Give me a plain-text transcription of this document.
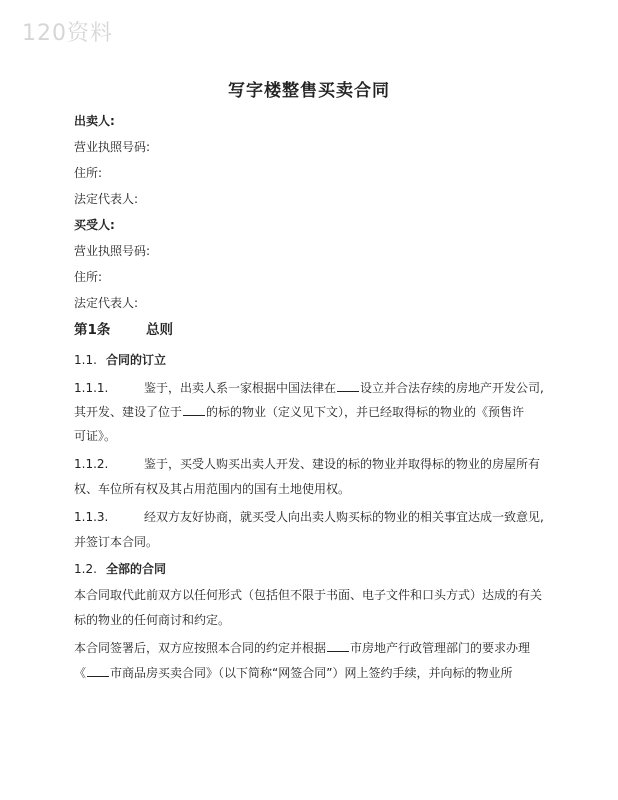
120资料
写字楼整售买卖合同
出卖人:
营业执照号码:
住所:
法定代表人:
买受人:
营业执照号码:
住所:
法定代表人:
第1条	总则
1.1. 合同的订立
1.1.1.	鉴于，出卖人系一家根据中国法律在 设立并合法存续的房地产开发公司,
其开发、建设了位于 的标的物业（定义见下文），并已经取得标的物业的《预售许
可证》。
1.1.2.	鉴于，买受人购买出卖人开发、建设的标的物业并取得标的物业的房屋所有
权、车位所有权及其占用范围内的国有土地使用权。
1.1.3.	经双方友好协商，就买受人向出卖人购买标的物业的相关事宜达成一致意见,
并签订本合同。
1.2. 全部的合同
本合同取代此前双方以任何形式（包括但不限于书面、电子文件和口头方式）达成的有关
标的物业的任何商讨和约定。
本合同签署后，双方应按照本合同的约定并根据 市房地产行政管理部门的要求办理
《 市商品房买卖合同》（以下简称“网签合同”）网上签约手续，并向标的物业所
